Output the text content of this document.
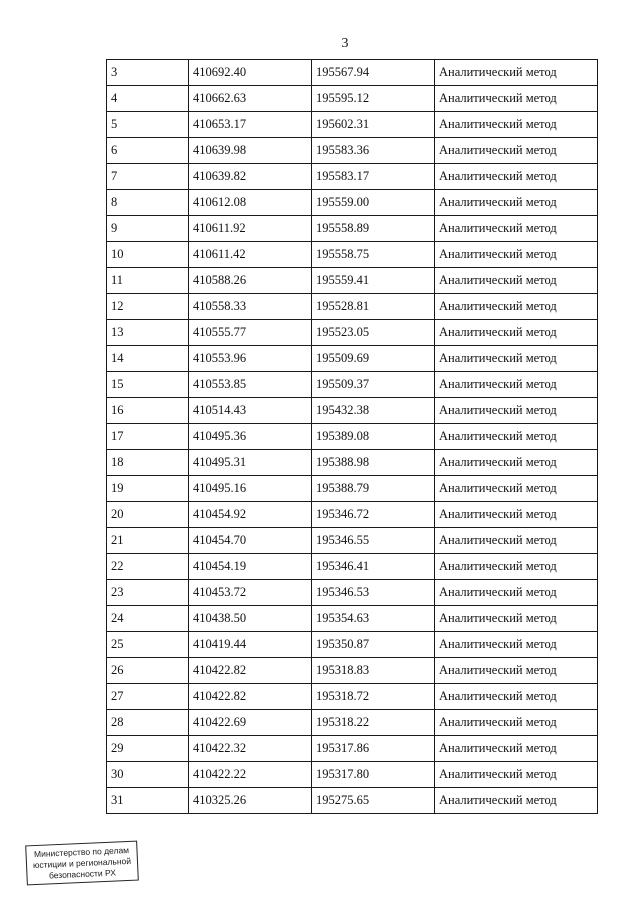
3
3	410692.40	195567.94	Аналитический метод
4	410662.63	195595.12	Аналитический метод
5	410653.17	195602.31	Аналитический метод
6	410639.98	195583.36	Аналитический метод
7	410639.82	195583.17	Аналитический метод
8	410612.08	195559.00	Аналитический метод
9	410611.92	195558.89	Аналитический метод
10	410611.42	195558.75	Аналитический метод
11	410588.26	195559.41	Аналитический метод
12	410558.33	195528.81	Аналитический метод
13	410555.77	195523.05	Аналитический метод
14	410553.96	195509.69	Аналитический метод
15	410553.85	195509.37	Аналитический метод
16	410514.43	195432.38	Аналитический метод
17	410495.36	195389.08	Аналитический метод
18	410495.31	195388.98	Аналитический метод
19	410495.16	195388.79	Аналитический метод
20	410454.92	195346.72	Аналитический метод
21	410454.70	195346.55	Аналитический метод
22	410454.19	195346.41	Аналитический метод
23	410453.72	195346.53	Аналитический метод
24	410438.50	195354.63	Аналитический метод
25	410419.44	195350.87	Аналитический метод
26	410422.82	195318.83	Аналитический метод
27	410422.82	195318.72	Аналитический метод
28	410422.69	195318.22	Аналитический метод
29	410422.32	195317.86	Аналитический метод
30	410422.22	195317.80	Аналитический метод
31	410325.26	195275.65	Аналитический метод
Министерство по делам
юстиции и региональной
безопасности РХ
